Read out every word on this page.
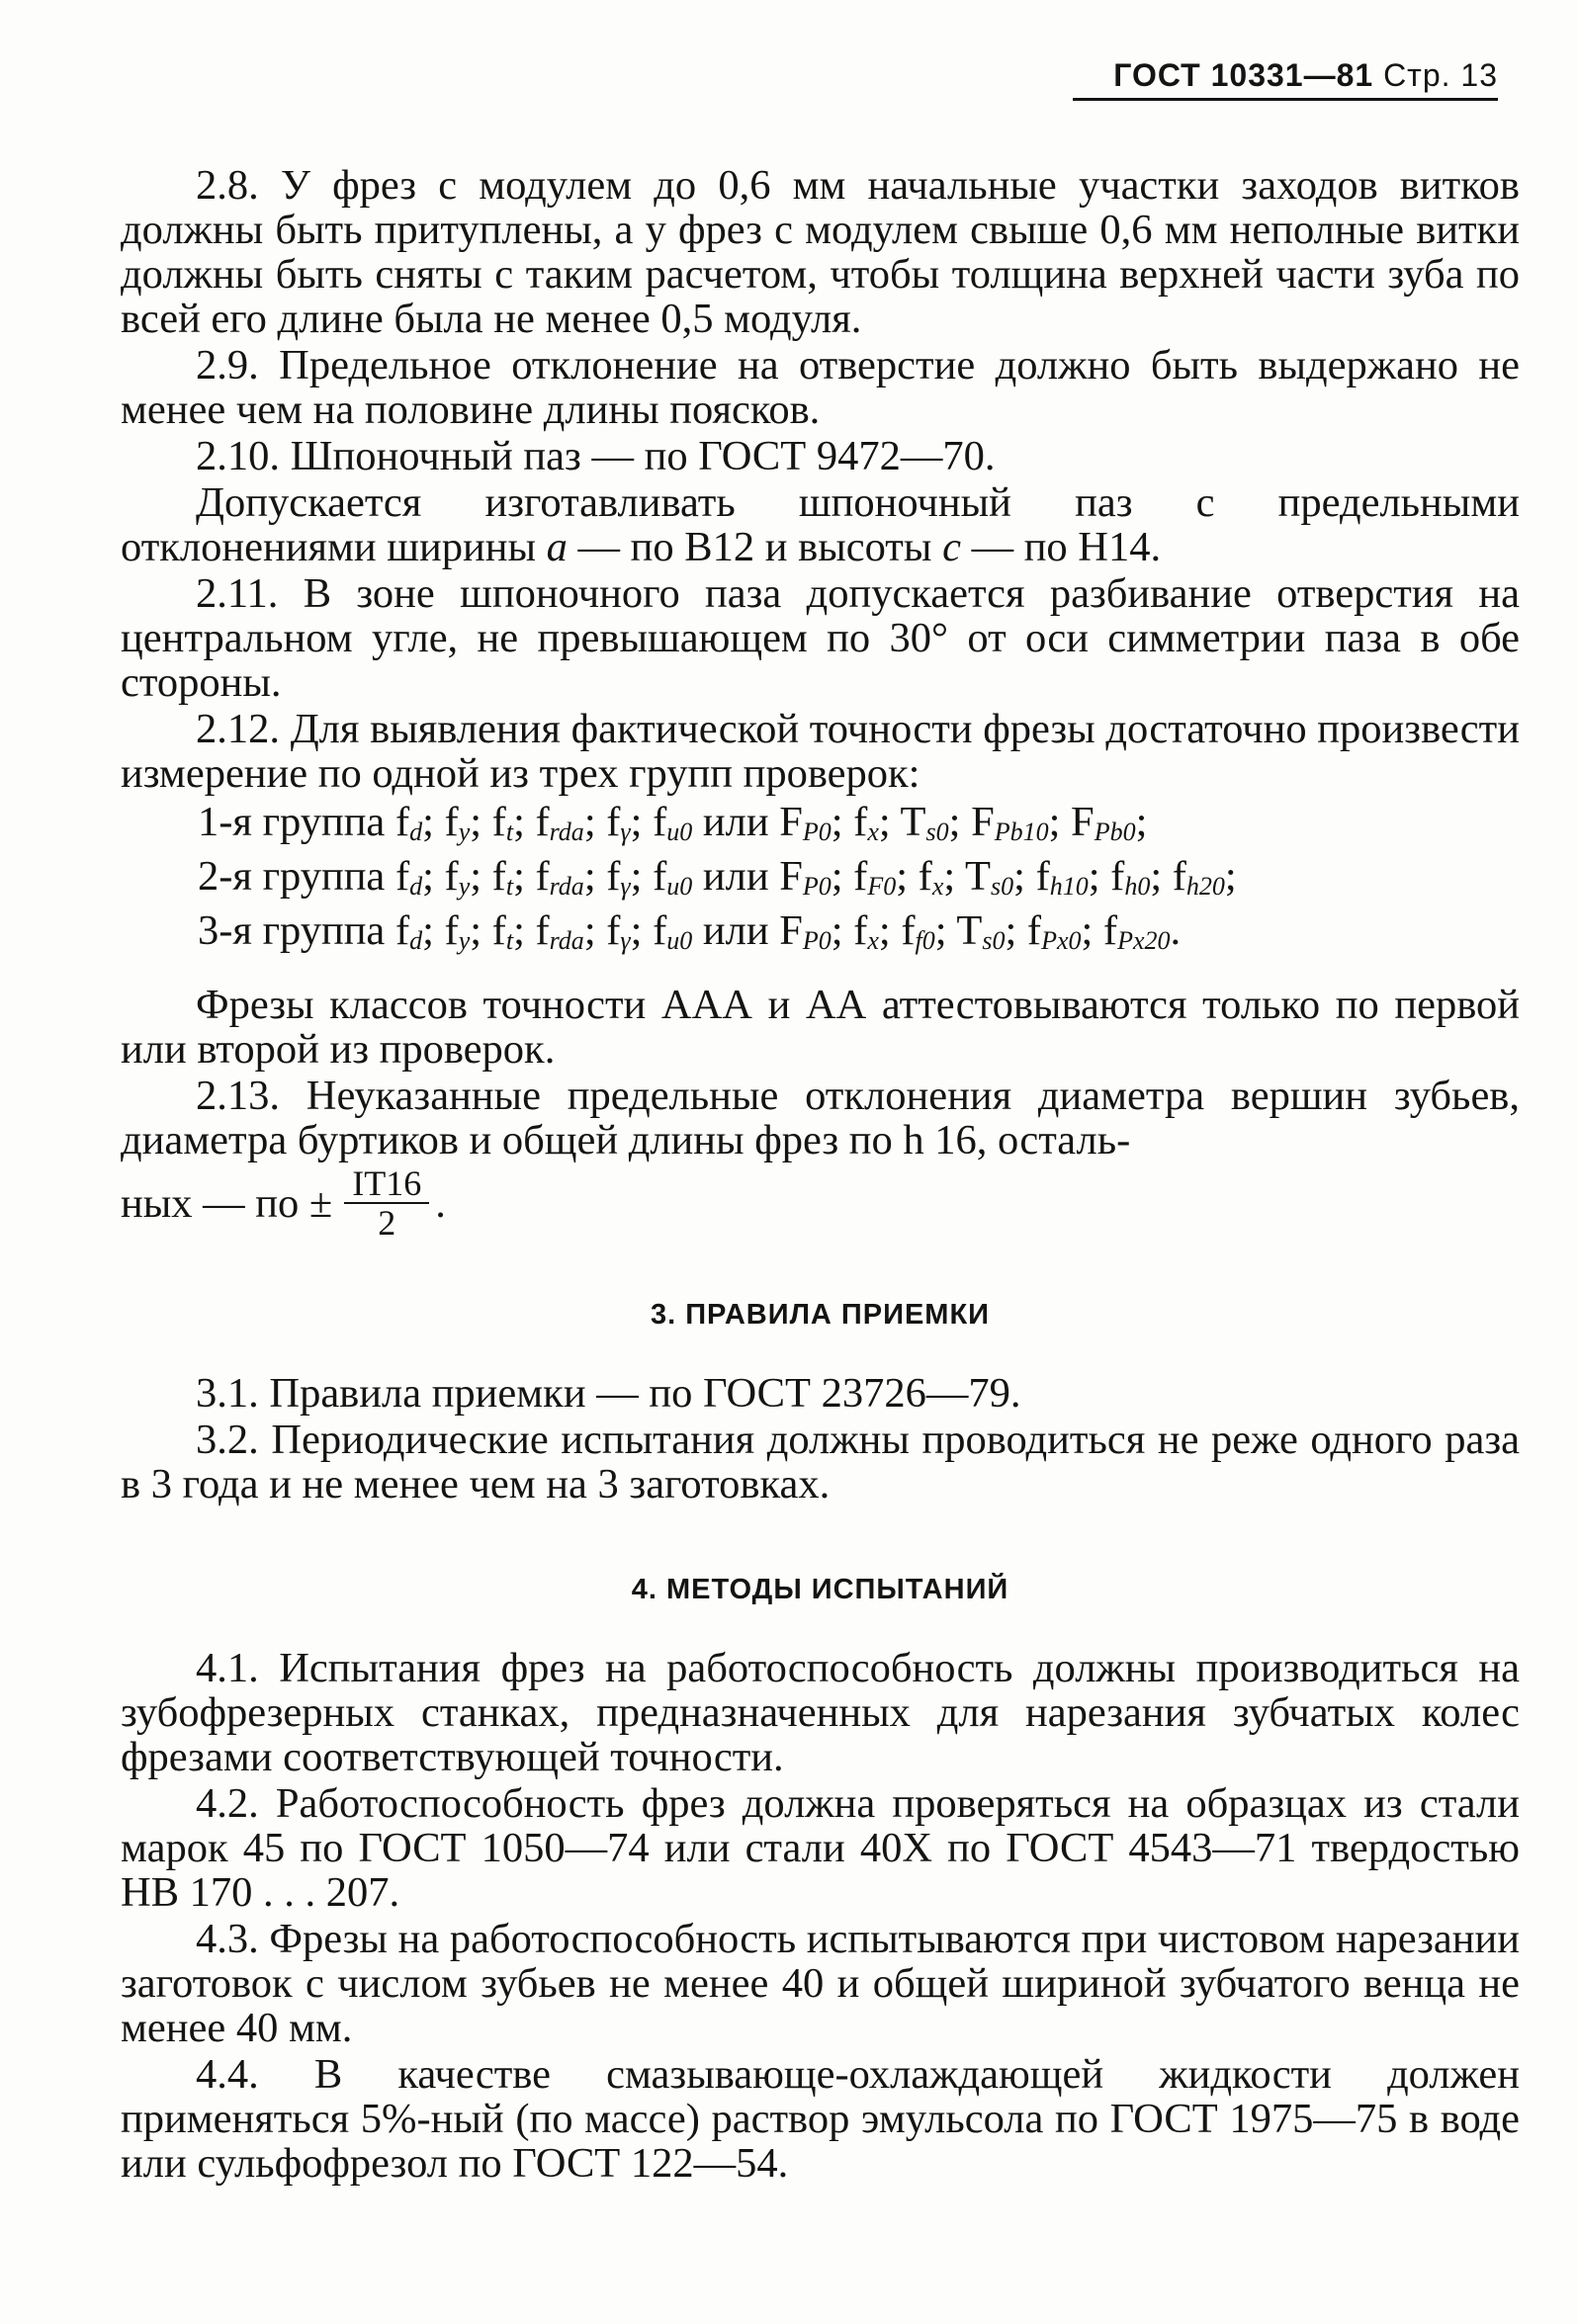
ГОСТ 10331—81 Стр. 13

2.8. У фрез с модулем до 0,6 мм начальные участки заходов витков должны быть притуплены, а у фрез с модулем свыше 0,6 мм неполные витки должны быть сняты с таким расчетом, чтобы толщина верхней части зуба по всей его длине была не менее 0,5 модуля.

2.9. Предельное отклонение на отверстие должно быть выдержано не менее чем на половине длины поясков.

2.10. Шпоночный паз — по ГОСТ 9472—70.

Допускается изготавливать шпоночный паз с предельными отклонениями ширины a — по В12 и высоты c — по Н14.

2.11. В зоне шпоночного паза допускается разбивание отверстия на центральном угле, не превышающем по 30° от оси симметрии паза в обе стороны.

2.12. Для выявления фактической точности фрезы достаточно произвести измерение по одной из трех групп проверок:

1-я группа $f_d$; $f_y$; $f_t$; $f_{rda}$; $f_\gamma$; $f_{u0}$ или $F_{P0}$; $f_x$; $T_{s0}$; $F_{Pb10}$; $F_{Pb0}$;
2-я группа $f_d$; $f_y$; $f_t$; $f_{rda}$; $f_\gamma$; $f_{u0}$ или $F_{P0}$; $f_{F0}$; $f_x$; $T_{s0}$; $f_{h10}$; $f_{h0}$; $f_{h20}$;
3-я группа $f_d$; $f_y$; $f_t$; $f_{rda}$; $f_\gamma$; $f_{u0}$ или $F_{P0}$; $f_x$; $f_{f0}$; $T_{s0}$; $f_{Px0}$; $f_{Px20}$.

Фрезы классов точности ААА и АА аттестовываются только по первой или второй из проверок.

2.13. Неуказанные предельные отклонения диаметра вершин зубьев, диаметра буртиков и общей длины фрез по h 16, осталь-

ных — по ± $\frac{IT16}{2}$ .

3. ПРАВИЛА ПРИЕМКИ

3.1. Правила приемки — по ГОСТ 23726—79.

3.2. Периодические испытания должны проводиться не реже одного раза в 3 года и не менее чем на 3 заготовках.

4. МЕТОДЫ ИСПЫТАНИЙ

4.1. Испытания фрез на работоспособность должны производиться на зубофрезерных станках, предназначенных для нарезания зубчатых колес фрезами соответствующей точности.

4.2. Работоспособность фрез должна проверяться на образцах из стали марок 45 по ГОСТ 1050—74 или стали 40Х по ГОСТ 4543—71 твердостью НВ 170 . . . 207.

4.3. Фрезы на работоспособность испытываются при чистовом нарезании заготовок с числом зубьев не менее 40 и общей шириной зубчатого венца не менее 40 мм.

4.4. В качестве смазывающе-охлаждающей жидкости должен применяться 5%-ный (по массе) раствор эмульсола по ГОСТ 1975—75 в воде или сульфофрезол по ГОСТ 122—54.
